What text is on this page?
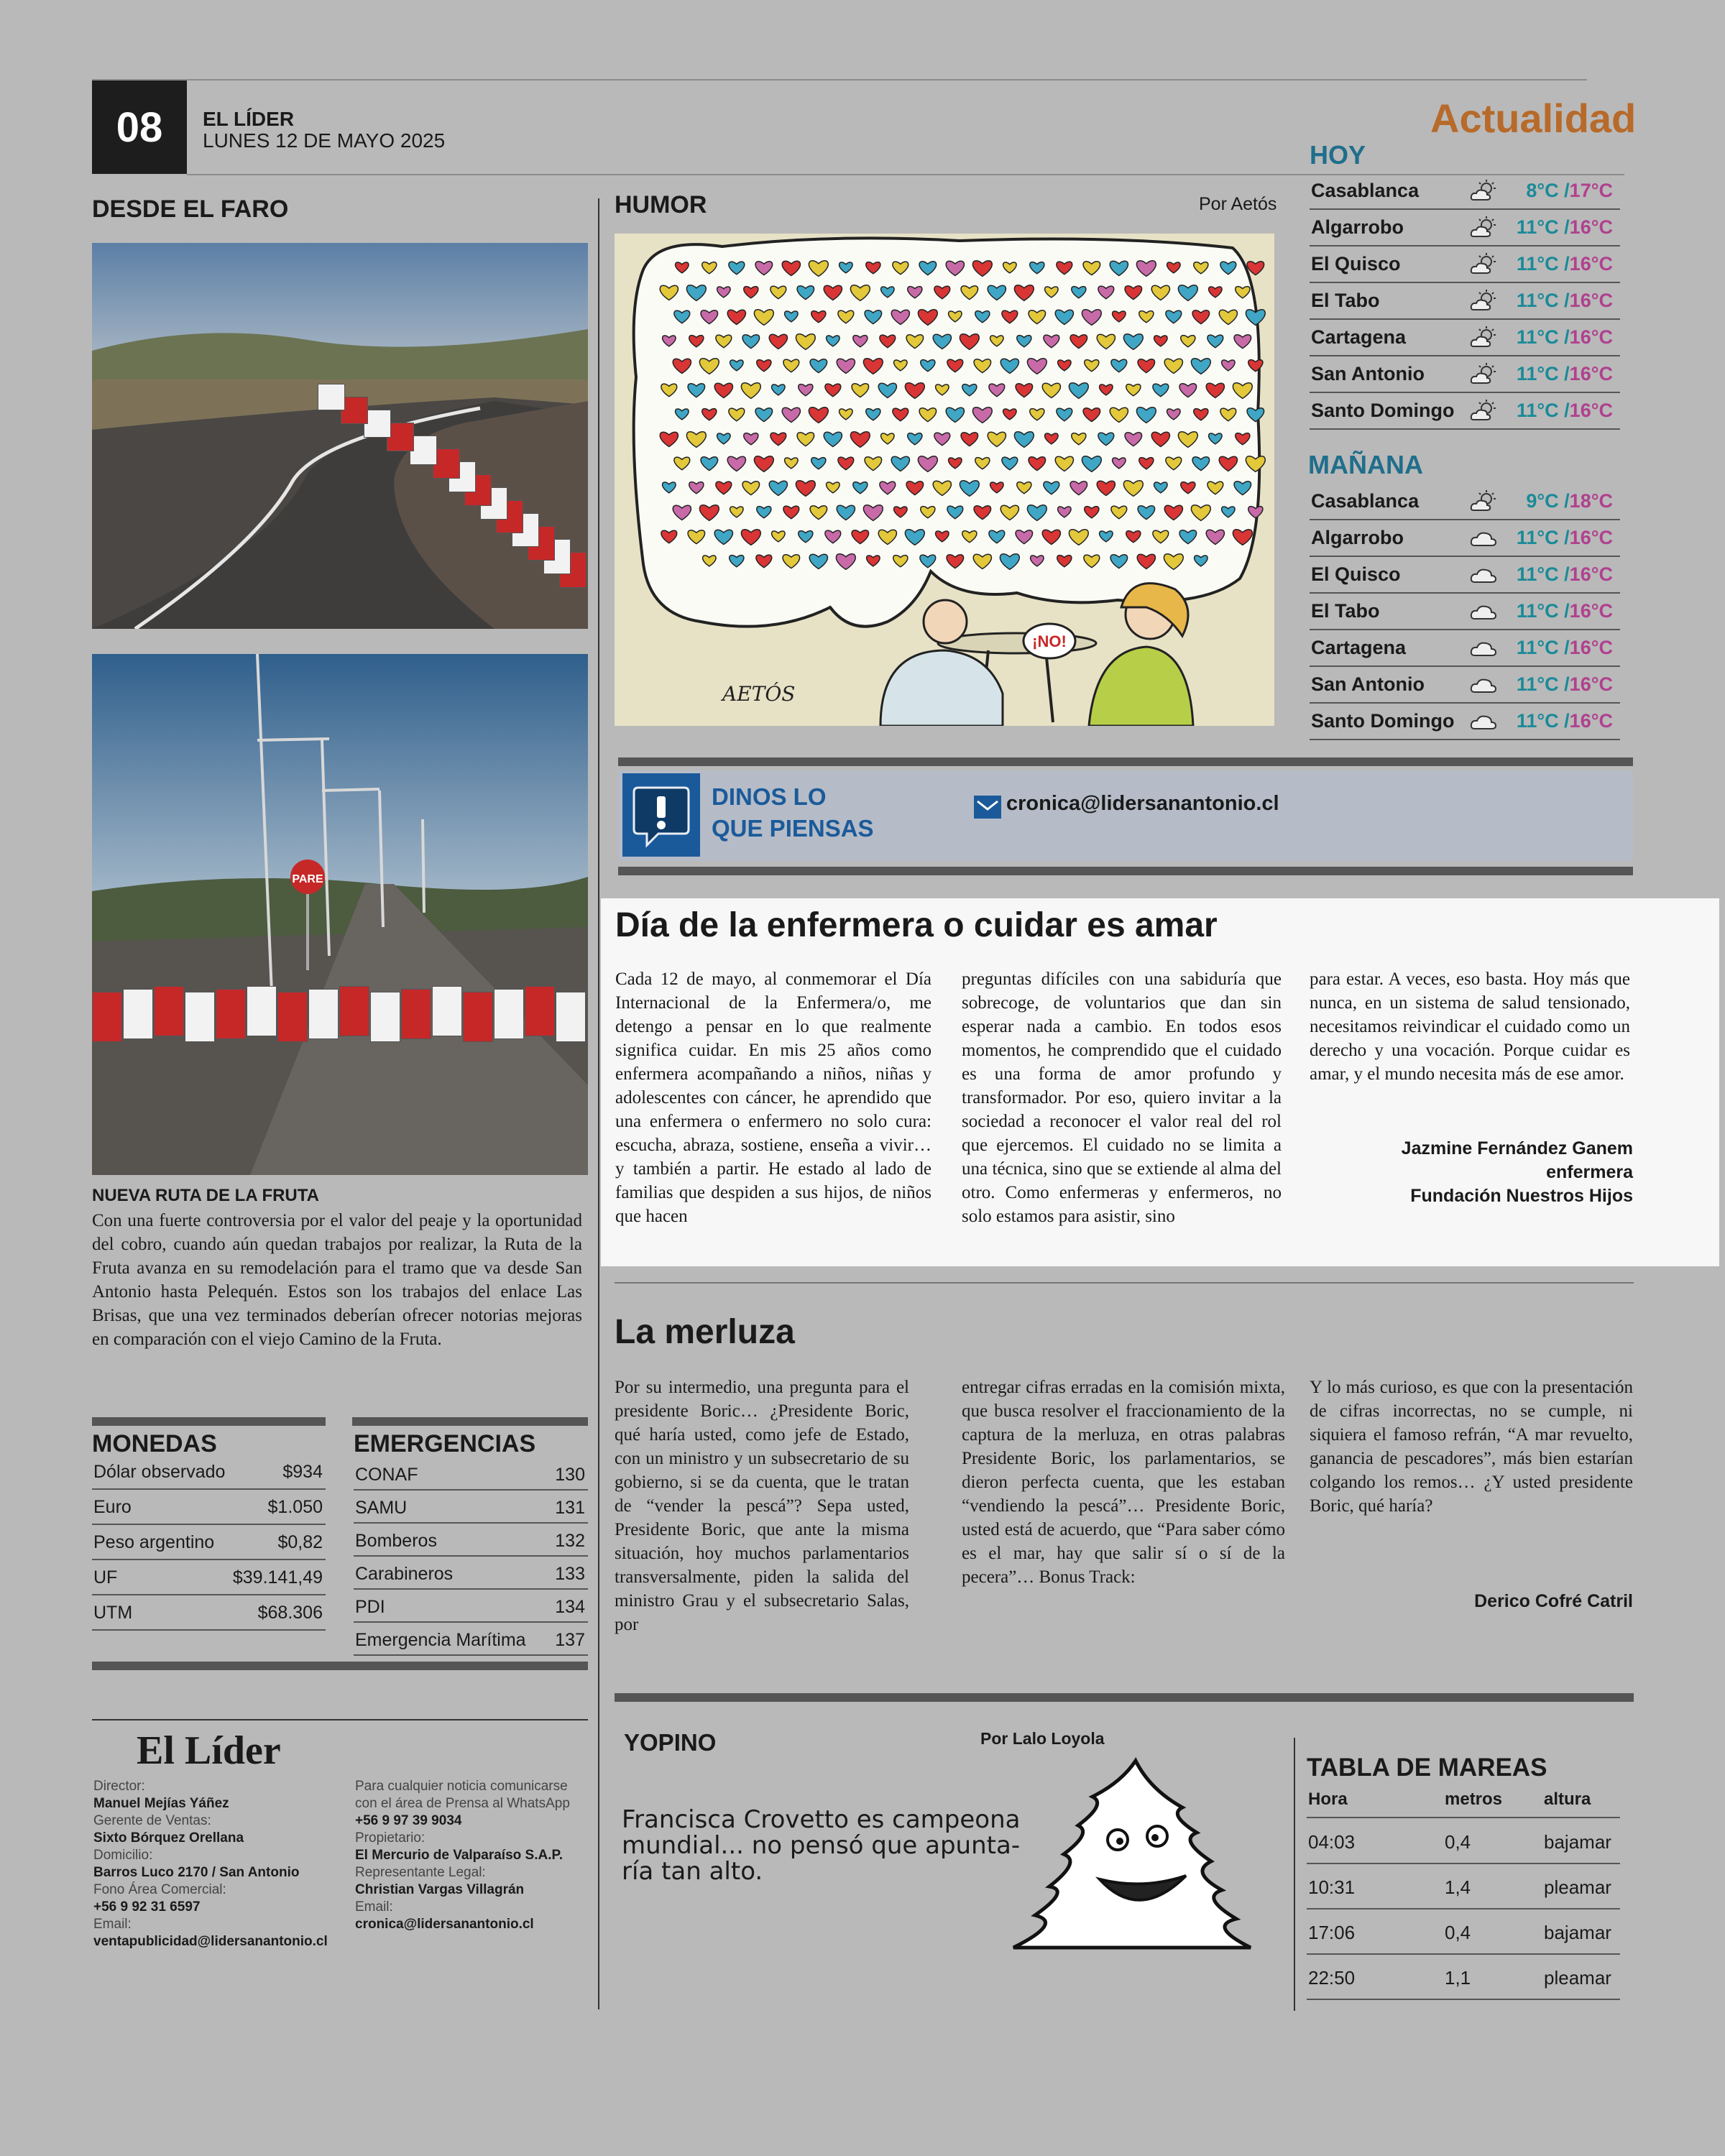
08	EL LÍDER
LUNES 12 DE MAYO 2025	Actualidad
DESDE EL FARO
PARE
NUEVA RUTA DE LA FRUTA
Con una fuerte controversia por el valor del peaje y la oportunidad del cobro, cuando aún quedan trabajos por realizar, la Ruta de la Fruta avanza en su remodelación para el tramo que va desde San Antonio hasta Pelequén. Estos son los trabajos del enlace Las Brisas, que una vez terminados deberían ofrecer notorias mejoras en comparación con el viejo Camino de la Fruta.
HUMOR	Por Aetós
¡NO!
AETÓS
HOY
Casablanca	8°C /17°C
Algarrobo	11°C /16°C
El Quisco	11°C /16°C
El Tabo	11°C /16°C
Cartagena	11°C /16°C
San Antonio	11°C /16°C
Santo Domingo	11°C /16°C
MAÑANA
Casablanca	9°C /18°C
Algarrobo	11°C /16°C
El Quisco	11°C /16°C
El Tabo	11°C /16°C
Cartagena	11°C /16°C
San Antonio	11°C /16°C
Santo Domingo	11°C /16°C
DINOS LO
QUE PIENSAS
cronica@lidersanantonio.cl
Día de la enfermera o cuidar es amar
Cada 12 de mayo, al conmemorar el Día Internacional de la Enfermera/o, me detengo a pensar en lo que realmente significa cuidar. En mis 25 años como enfermera acompañando a niños, niñas y adolescentes con cáncer, he aprendido que una enfermera o enfermero no solo cura: escucha, abraza, sostiene, enseña a vivir… y también a partir. He estado al lado de familias que despiden a sus hijos, de niños que hacen
preguntas difíciles con una sabiduría que sobrecoge, de voluntarios que dan sin esperar nada a cambio. En todos esos momentos, he comprendido que el cuidado es una forma de amor profundo y transformador. Por eso, quiero invitar a la sociedad a reconocer el valor real del rol que ejercemos. El cuidado no se limita a una técnica, sino que se extiende al alma del otro. Como enfermeras y enfermeros, no solo estamos para asistir, sino
para estar. A veces, eso basta. Hoy más que nunca, en un sistema de salud tensionado, necesitamos reivindicar el cuidado como un derecho y una vocación. Porque cuidar es amar, y el mundo necesita más de ese amor.
Jazmine Fernández Ganem
enfermera
Fundación Nuestros Hijos
La merluza
Por su intermedio, una pregunta para el presidente Boric… ¿Presidente Boric, qué haría usted, como jefe de Estado, con un ministro y un subsecretario de su gobierno, si se da cuenta, que le tratan de “vender la pescá”? Sepa usted, Presidente Boric, que ante la misma situación, hoy muchos parlamentarios transversalmente, piden la salida del ministro Grau y el subsecretario Salas, por
entregar cifras erradas en la comisión mixta, que busca resolver el fraccionamiento de la captura de la merluza, en otras palabras Presidente Boric, los parlamentarios, se dieron perfecta cuenta, que les estaban “vendiendo la pescá”… Presidente Boric, usted está de acuerdo, que “Para saber cómo es el mar, hay que salir sí o sí de la pecera”… Bonus Track:
Y lo más curioso, es que con la presentación de cifras incorrectas, no se cumple, ni siquiera el famoso refrán, “A mar revuelto, ganancia de pescadores”, más bien estarían colgando los remos… ¿Y usted presidente Boric, qué haría?
Derico Cofré Catril
MONEDAS
Dólar observado	$934
Euro	$1.050
Peso argentino	$0,82
UF	$39.141,49
UTM	$68.306
EMERGENCIAS
CONAF	130
SAMU	131
Bomberos	132
Carabineros	133
PDI	134
Emergencia Marítima 137
El Líder
Director:
Manuel Mejías Yáñez
Gerente de Ventas:
Sixto Bórquez Orellana
Domicilio:
Barros Luco 2170 / San Antonio
Fono Área Comercial:
+56 9 92 31 6597
Email:
ventapublicidad@lidersanantonio.cl
Para cualquier noticia comunicarse
con el área de Prensa al WhatsApp
+56 9 97 39 9034
Propietario:
El Mercurio de Valparaíso S.A.P.
Representante Legal:
Christian Vargas Villagrán
Email:
cronica@lidersanantonio.cl
YOPINO	Por Lalo Loyola
Francisca Crovetto es campeona
mundial... no pensó que apunta-
ría tan alto.
TABLA DE MAREAS
Hora	metros altura
04:03	0,4	bajamar
10:31	1,4	pleamar
17:06	0,4	bajamar
22:50	1,1	pleamar
